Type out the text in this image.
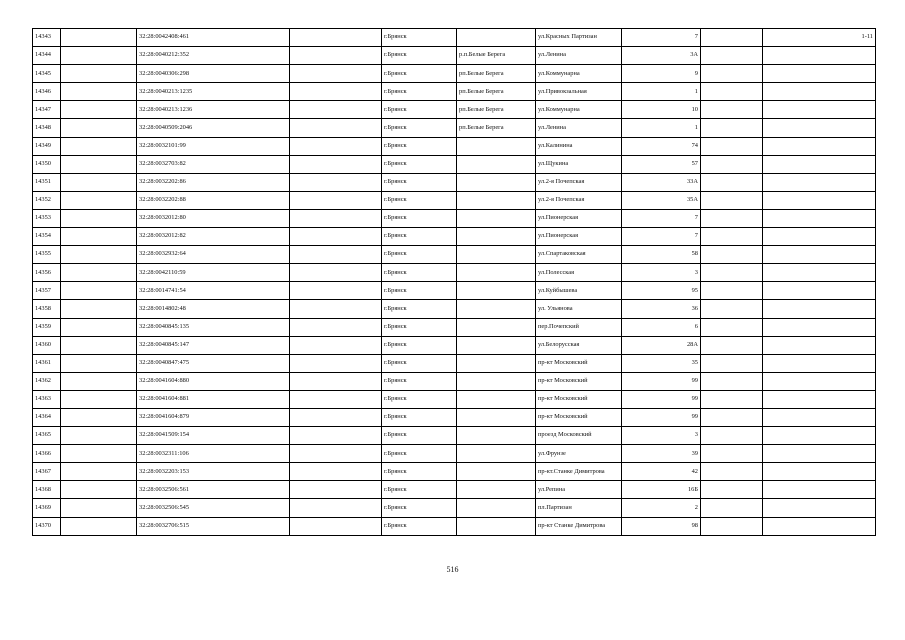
14343		32:28:0042408:461		г.Брянск		ул.Красных Партизан	7		1-11
14344		32:28:0040212:352		г.Брянск	р.п.Белые Берега	ул.Ленина	3А		
14345		32:28:0040306:298		г.Брянск	рп.Белые Берега	ул.Коммунарна	9		
14346		32:28:0040213:1235		г.Брянск	рп.Белые Берега	ул.Привокзальная	1		
14347		32:28:0040213:1236		г.Брянск	рп.Белые Берега	ул.Коммунарна	10		
14348		32:28:0040509:2046		г.Брянск	рп.Белые Берега	ул.Ленина	1		
14349		32:28:0032101:99		г.Брянск		ул.Калинина	74		
14350		32:28:0032703:82		г.Брянск		ул.Щукина	57		
14351		32:28:0032202:86		г.Брянск		ул.2-я Почепская	33А		
14352		32:28:0032202:88		г.Брянск		ул.2-я Почепская	35А		
14353		32:28:0032012:80		г.Брянск		ул.Пионерская	7		
14354		32:28:0032012:82		г.Брянск		ул.Пионерская	7		
14355		32:28:0032932:64		г.Брянск		ул.Спартаковская	58		
14356		32:28:0042110:59		г.Брянск		ул.Полесская	3		
14357		32:28:0014741:54		г.Брянск		ул.Куйбышева	95		
14358		32:28:0014802:48		г.Брянск		ул. Ульянова	36		
14359		32:28:0040845:135		г.Брянск		пер.Почепский	6		
14360		32:28:0040845:147		г.Брянск		ул.Белорусская	28А		
14361		32:28:0040847:475		г.Брянск		пр-кт Московский	35		
14362		32:28:0041604:880		г.Брянск		пр-кт Московский	99		
14363		32:28:0041604:881		г.Брянск		пр-кт Московский	99		
14364		32:28:0041604:879		г.Брянск		пр-кт Московский	99		
14365		32:28:0041509:154		г.Брянск		проезд Московский	3		
14366		32:28:0032311:106		г.Брянск		ул.Фрунзе	39		
14367		32:28:0032203:153		г.Брянск		пр-кт.Станке Димитрова	42		
14368		32:28:0032506:561		г.Брянск		ул.Репина	16Б		
14369		32:28:0032506:545		г.Брянск		пл.Партизан	2		
14370		32:28:0032706:515		г.Брянск		пр-кт Станке Димитрова	98		
516
